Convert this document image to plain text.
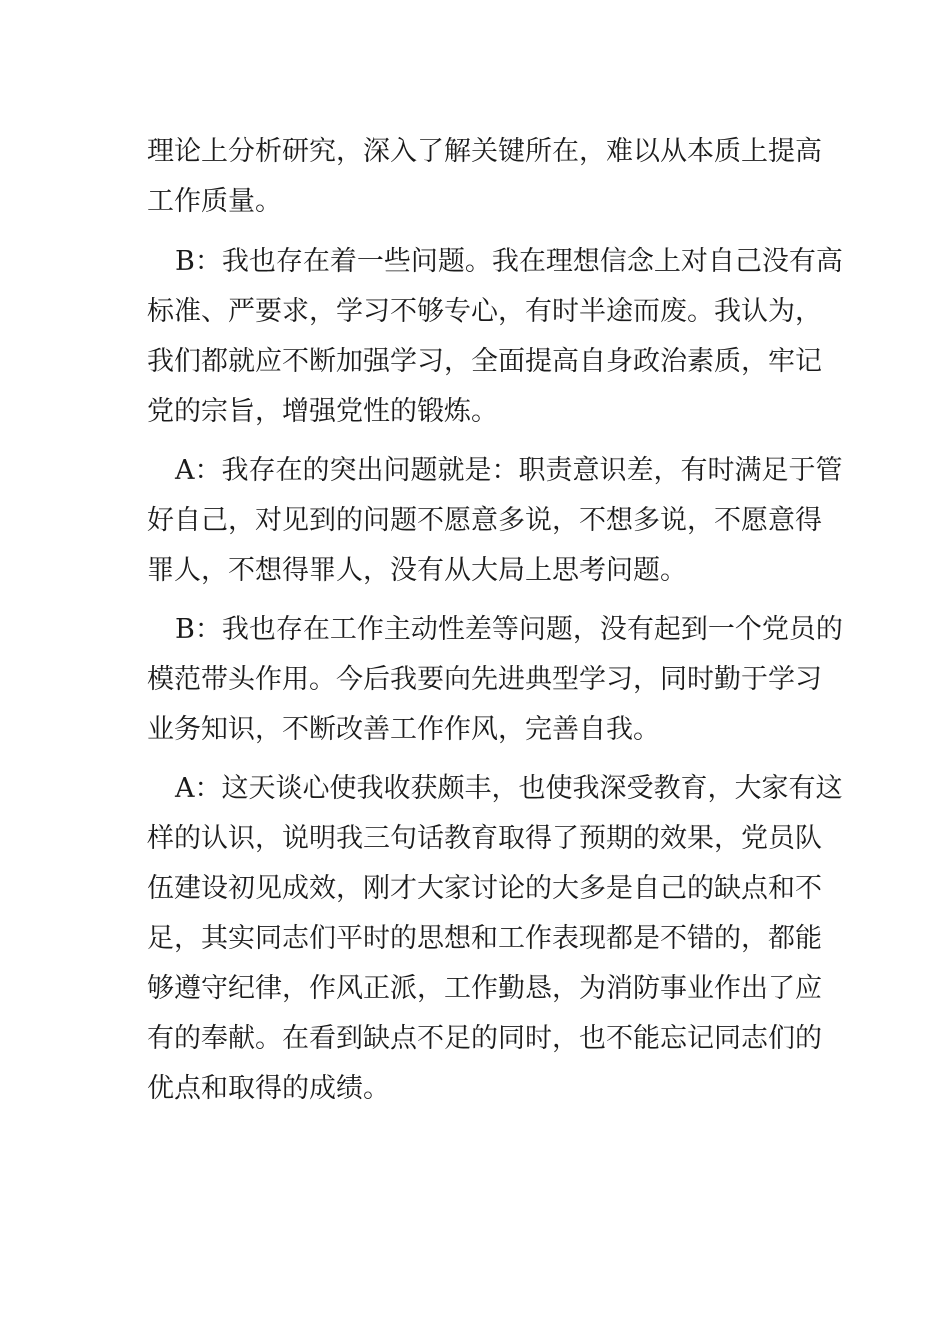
理论上分析研究，深入了解关键所在，难以从本质上提高

工作质量。

B：我也存在着一些问题。我在理想信念上对自己没有高

标准、严要求，学习不够专心，有时半途而废。我认为，

我们都就应不断加强学习，全面提高自身政治素质，牢记

党的宗旨，增强党性的锻炼。

A：我存在的突出问题就是：职责意识差，有时满足于管

好自己，对见到的问题不愿意多说，不想多说，不愿意得

罪人，不想得罪人，没有从大局上思考问题。

B：我也存在工作主动性差等问题，没有起到一个党员的

模范带头作用。今后我要向先进典型学习，同时勤于学习

业务知识，不断改善工作作风，完善自我。

A：这天谈心使我收获颇丰，也使我深受教育，大家有这

样的认识，说明我三句话教育取得了预期的效果，党员队

伍建设初见成效，刚才大家讨论的大多是自己的缺点和不

足，其实同志们平时的思想和工作表现都是不错的，都能

够遵守纪律，作风正派，工作勤恳，为消防事业作出了应

有的奉献。在看到缺点不足的同时，也不能忘记同志们的

优点和取得的成绩。
